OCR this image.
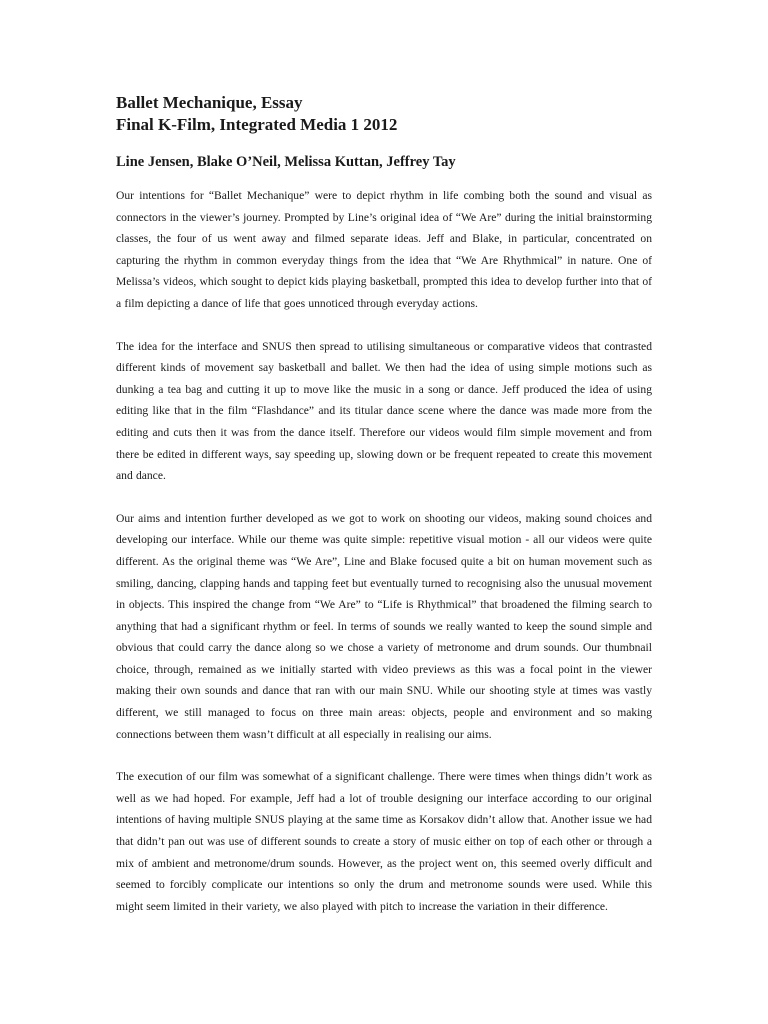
Ballet Mechanique, Essay
Final K-Film, Integrated Media 1 2012

Line Jensen, Blake O’Neil, Melissa Kuttan, Jeffrey Tay

Our intentions for “Ballet Mechanique” were to depict rhythm in life combing both the sound and visual as connectors in the viewer’s journey. Prompted by Line’s original idea of “We Are” during the initial brainstorming classes, the four of us went away and filmed separate ideas. Jeff and Blake, in particular, concentrated on capturing the rhythm in common everyday things from the idea that “We Are Rhythmical” in nature. One of Melissa’s videos, which sought to depict kids playing basketball, prompted this idea to develop further into that of a film depicting a dance of life that goes unnoticed through everyday actions.

The idea for the interface and SNUS then spread to utilising simultaneous or comparative videos that contrasted different kinds of movement say basketball and ballet. We then had the idea of using simple motions such as dunking a tea bag and cutting it up to move like the music in a song or dance. Jeff produced the idea of using editing like that in the film “Flashdance” and its titular dance scene where the dance was made more from the editing and cuts then it was from the dance itself. Therefore our videos would film simple movement and from there be edited in different ways, say speeding up, slowing down or be frequent repeated to create this movement and dance.

Our aims and intention further developed as we got to work on shooting our videos, making sound choices and developing our interface. While our theme was quite simple: repetitive visual motion - all our videos were quite different. As the original theme was “We Are”, Line and Blake focused quite a bit on human movement such as smiling, dancing, clapping hands and tapping feet but eventually turned to recognising also the unusual movement in objects. This inspired the change from “We Are” to “Life is Rhythmical” that broadened the filming search to anything that had a significant rhythm or feel. In terms of sounds we really wanted to keep the sound simple and obvious that could carry the dance along so we chose a variety of metronome and drum sounds. Our thumbnail choice, through, remained as we initially started with video previews as this was a focal point in the viewer making their own sounds and dance that ran with our main SNU. While our shooting style at times was vastly different, we still managed to focus on three main areas: objects, people and environment and so making connections between them wasn’t difficult at all especially in realising our aims.

The execution of our film was somewhat of a significant challenge. There were times when things didn’t work as well as we had hoped. For example, Jeff had a lot of trouble designing our interface according to our original intentions of having multiple SNUS playing at the same time as Korsakov didn’t allow that. Another issue we had that didn’t pan out was use of different sounds to create a story of music either on top of each other or through a mix of ambient and metronome/drum sounds. However, as the project went on, this seemed overly difficult and seemed to forcibly complicate our intentions so only the drum and metronome sounds were used. While this might seem limited in their variety, we also played with pitch to increase the variation in their difference.
